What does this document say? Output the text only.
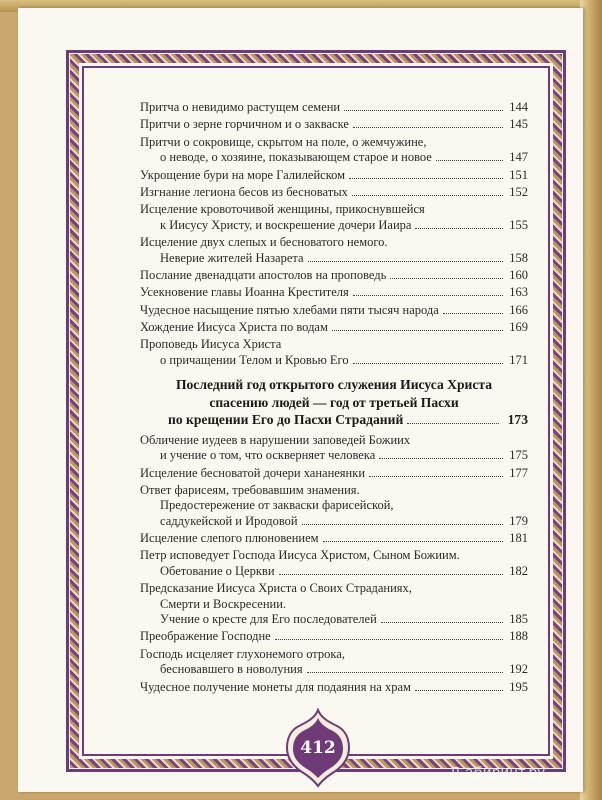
Притча о невидимо растущем семени	144
Притчи о зерне горчичном и о закваске	145
Притчи о сокровище, скрытом на поле, о жемчужине,
о неводе, о хозяине, показывающем старое и новое	147
Укрощение бури на море Галилейском	151
Изгнание легиона бесов из бесноватых	152
Исцеление кровоточивой женщины, прикоснувшейся
к Иисусу Христу, и воскрешение дочери Иаира	155
Исцеление двух слепых и бесноватого немого.
Неверие жителей Назарета	158
Послание двенадцати апостолов на проповедь	160
Усекновение главы Иоанна Крестителя	163
Чудесное насыщение пятью хлебами пяти тысяч народа	166
Хождение Иисуса Христа по водам	169
Проповедь Иисуса Христа
о причащении Телом и Кровью Его	171
Последний год открытого служения Иисуса Христа
спасению людей — год от третьей Пасхи
по крещении Его до Пасхи Страданий	173
Обличение иудеев в нарушении заповедей Божиих
и учение о том, что оскверняет человека	175
Исцеление бесноватой дочери хананеянки	177
Ответ фарисеям, требовавшим знамения.
Предостережение от закваски фарисейской,
саддукейской и Иродовой	179
Исцеление слепого плюновением	181
Петр исповедует Господа Иисуса Христом, Сыном Божиим.
Обетование о Церкви	182
Предсказание Иисуса Христа о Своих Страданиях,
Смерти и Воскресении.
Учение о кресте для Его последователей	185
Преображение Господне	188
Господь исцеляет глухонемого отрока,
бесновавшего в новолуния	192
Чудесное получение монеты для подаяния на храм	195
412
Л абиринт.ру
